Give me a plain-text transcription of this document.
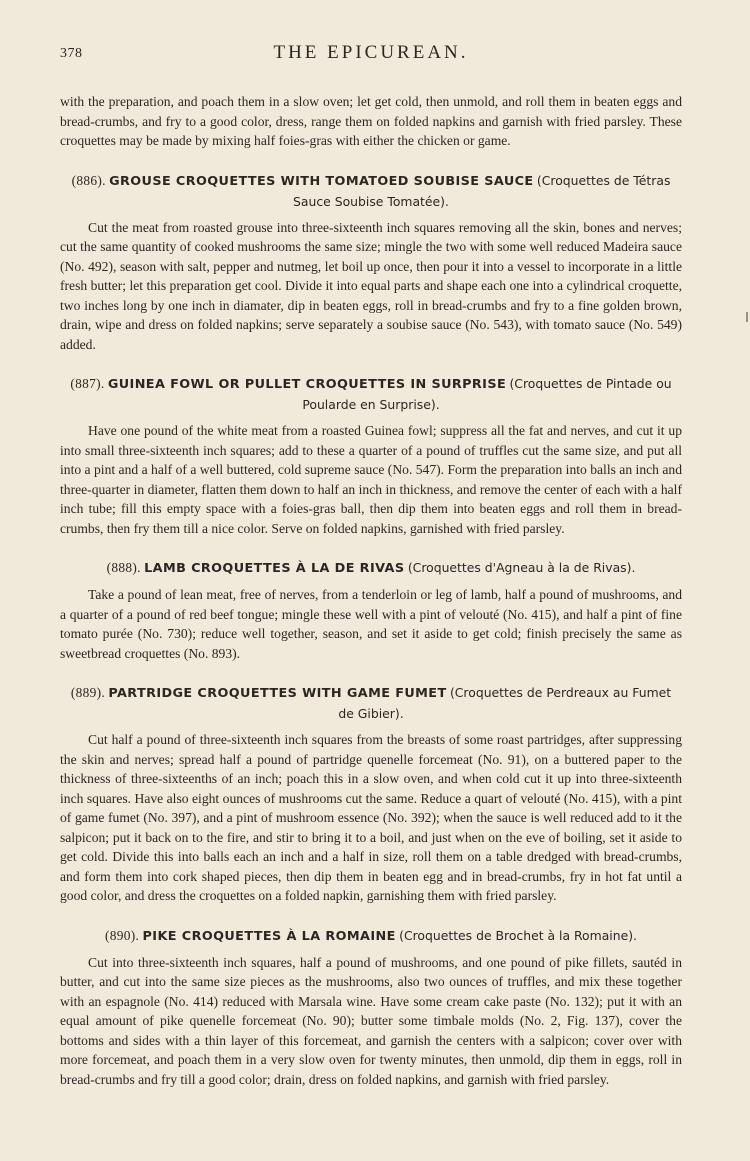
378	THE EPICUREAN.

with the preparation, and poach them in a slow oven; let get cold, then unmold, and roll them in beaten eggs and bread-crumbs, and fry to a good color, dress, range them on folded napkins and garnish with fried parsley. These croquettes may be made by mixing half foies-gras with either the chicken or game.

(886). GROUSE CROQUETTES WITH TOMATOED SOUBISE SAUCE (Croquettes de Tétras Sauce Soubise Tomatée).

Cut the meat from roasted grouse into three-sixteenth inch squares removing all the skin, bones and nerves; cut the same quantity of cooked mushrooms the same size; mingle the two with some well reduced Madeira sauce (No. 492), season with salt, pepper and nutmeg, let boil up once, then pour it into a vessel to incorporate in a little fresh butter; let this preparation get cool. Divide it into equal parts and shape each one into a cylindrical croquette, two inches long by one inch in diamater, dip in beaten eggs, roll in bread-crumbs and fry to a fine golden brown, drain, wipe and dress on folded napkins; serve separately a soubise sauce (No. 543), with tomato sauce (No. 549) added.

(887). GUINEA FOWL OR PULLET CROQUETTES IN SURPRISE (Croquettes de Pintade ou Poularde en Surprise).

Have one pound of the white meat from a roasted Guinea fowl; suppress all the fat and nerves, and cut it up into small three-sixteenth inch squares; add to these a quarter of a pound of truffles cut the same size, and put all into a pint and a half of a well buttered, cold supreme sauce (No. 547). Form the preparation into balls an inch and three-quarter in diameter, flatten them down to half an inch in thickness, and remove the center of each with a half inch tube; fill this empty space with a foies-gras ball, then dip them into beaten eggs and roll them in bread-crumbs, then fry them till a nice color. Serve on folded napkins, garnished with fried parsley.

(888). LAMB CROQUETTES À LA DE RIVAS (Croquettes d'Agneau à la de Rivas).

Take a pound of lean meat, free of nerves, from a tenderloin or leg of lamb, half a pound of mushrooms, and a quarter of a pound of red beef tongue; mingle these well with a pint of velouté (No. 415), and half a pint of fine tomato purée (No. 730); reduce well together, season, and set it aside to get cold; finish precisely the same as sweetbread croquettes (No. 893).

(889). PARTRIDGE CROQUETTES WITH GAME FUMET (Croquettes de Perdreaux au Fumet de Gibier).

Cut half a pound of three-sixteenth inch squares from the breasts of some roast partridges, after suppressing the skin and nerves; spread half a pound of partridge quenelle forcemeat (No. 91), on a buttered paper to the thickness of three-sixteenths of an inch; poach this in a slow oven, and when cold cut it up into three-sixteenth inch squares. Have also eight ounces of mushrooms cut the same. Reduce a quart of velouté (No. 415), with a pint of game fumet (No. 397), and a pint of mushroom essence (No. 392); when the sauce is well reduced add to it the salpicon; put it back on to the fire, and stir to bring it to a boil, and just when on the eve of boiling, set it aside to get cold. Divide this into balls each an inch and a half in size, roll them on a table dredged with bread-crumbs, and form them into cork shaped pieces, then dip them in beaten egg and in bread-crumbs, fry in hot fat until a good color, and dress the croquettes on a folded napkin, garnishing them with fried parsley.

(890). PIKE CROQUETTES À LA ROMAINE (Croquettes de Brochet à la Romaine).

Cut into three-sixteenth inch squares, half a pound of mushrooms, and one pound of pike fillets, sautéd in butter, and cut into the same size pieces as the mushrooms, also two ounces of truffles, and mix these together with an espagnole (No. 414) reduced with Marsala wine. Have some cream cake paste (No. 132); put it with an equal amount of pike quenelle forcemeat (No. 90); butter some timbale molds (No. 2, Fig. 137), cover the bottoms and sides with a thin layer of this forcemeat, and garnish the centers with a salpicon; cover over with more forcemeat, and poach them in a very slow oven for twenty minutes, then unmold, dip them in eggs, roll in bread-crumbs and fry till a good color; drain, dress on folded napkins, and garnish with fried parsley.
